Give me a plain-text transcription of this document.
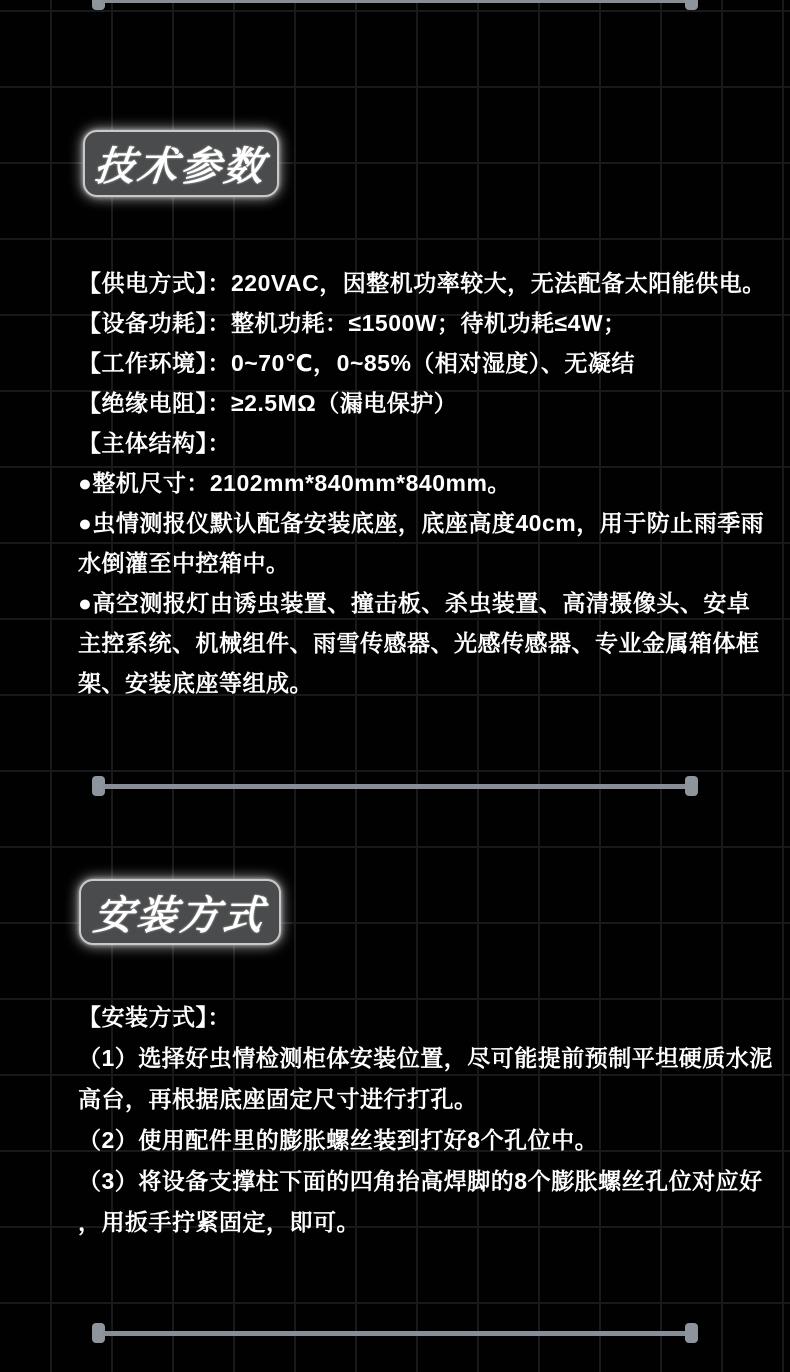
技术参数
【供电方式】：220VAC，因整机功率较大，无法配备太阳能供电。
【设备功耗】：整机功耗：≤1500W；待机功耗≤4W；
【工作环境】：0~70℃，0~85%（相对湿度）、无凝结
【绝缘电阻】：≥2.5MΩ（漏电保护）
【主体结构】：
●整机尺寸：2102mm*840mm*840mm。
●虫情测报仪默认配备安装底座，底座高度40cm，用于防止雨季雨
水倒灌至中控箱中。
●高空测报灯由诱虫装置、撞击板、杀虫装置、高清摄像头、安卓
主控系统、机械组件、雨雪传感器、光感传感器、专业金属箱体框
架、安装底座等组成。
安装方式
【安装方式】：
（1）选择好虫情检测柜体安装位置，尽可能提前预制平坦硬质水泥
高台，再根据底座固定尺寸进行打孔。
（2）使用配件里的膨胀螺丝装到打好8个孔位中。
（3）将设备支撑柱下面的四角抬高焊脚的8个膨胀螺丝孔位对应好
，用扳手拧紧固定，即可。
